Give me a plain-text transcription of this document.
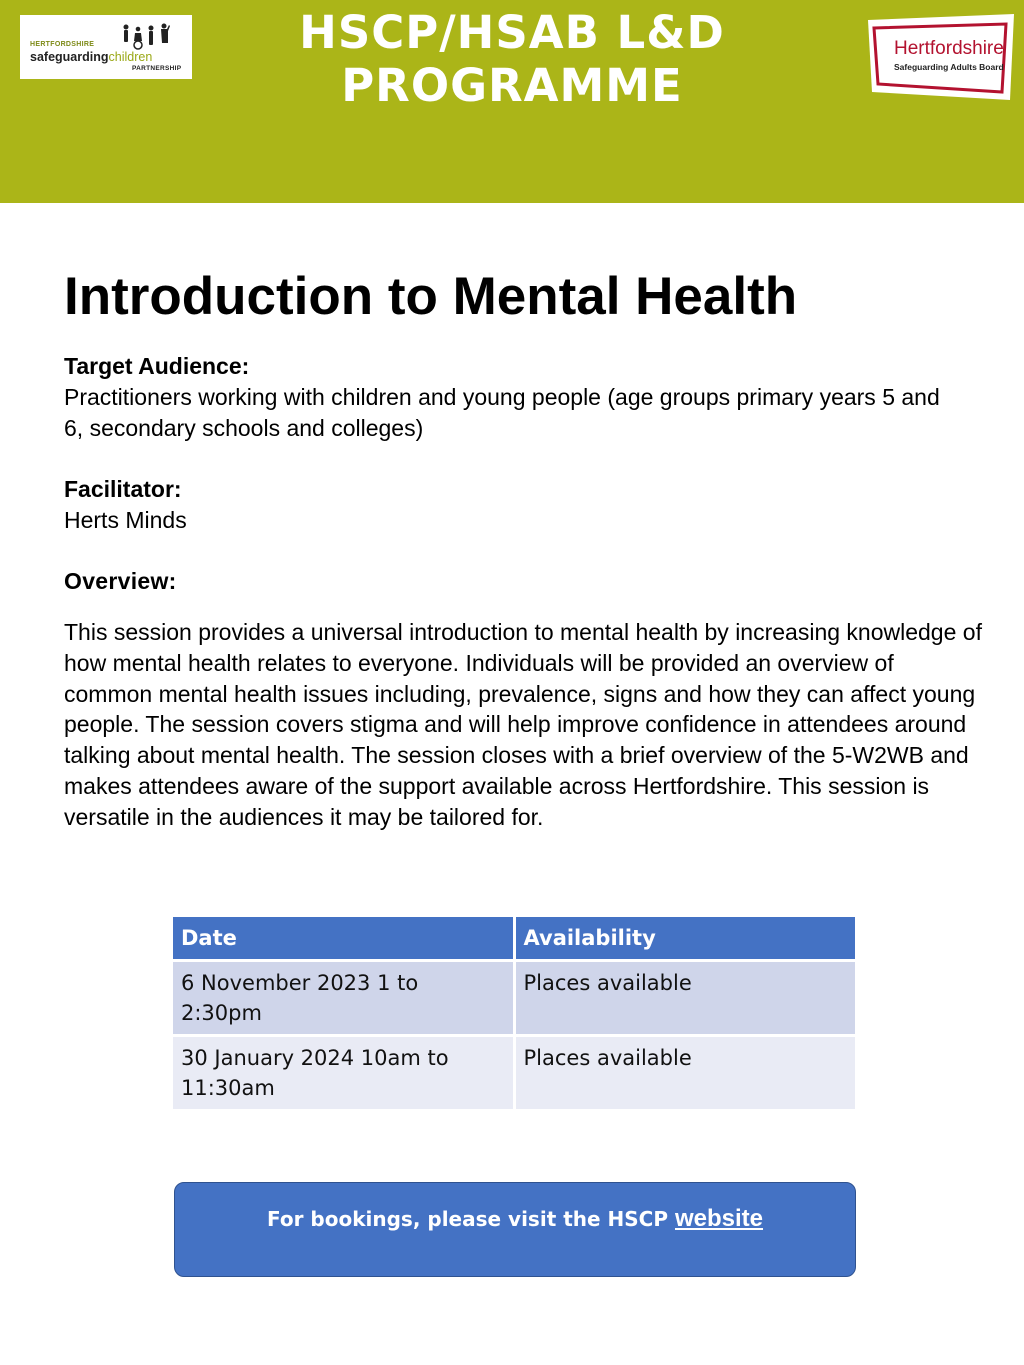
HERTFORDSHIRE
safeguardingchildren
PARTNERSHIP
HSCP/HSAB L&D
PROGRAMME
Hertfordshire
Safeguarding Adults Board
Introduction to Mental Health
Target Audience:
Practitioners working with children and young people (age groups primary years 5 and 6, secondary schools and colleges)
Facilitator:
Herts Minds
Overview:
This session provides a universal introduction to mental health by increasing knowledge of how mental health relates to everyone. Individuals will be provided an overview of common mental health issues including, prevalence, signs and how they can affect young people. The session covers stigma and will help improve confidence in attendees around talking about mental health. The session closes with a brief overview of the 5-W2WB and makes attendees aware of the support available across Hertfordshire. This session is versatile in the audiences it may be tailored for.
Date	Availability
6 November 2023 1 to 2:30pm	Places available
30 January 2024 10am to 11:30am	Places available
For bookings, please visit the HSCP website
